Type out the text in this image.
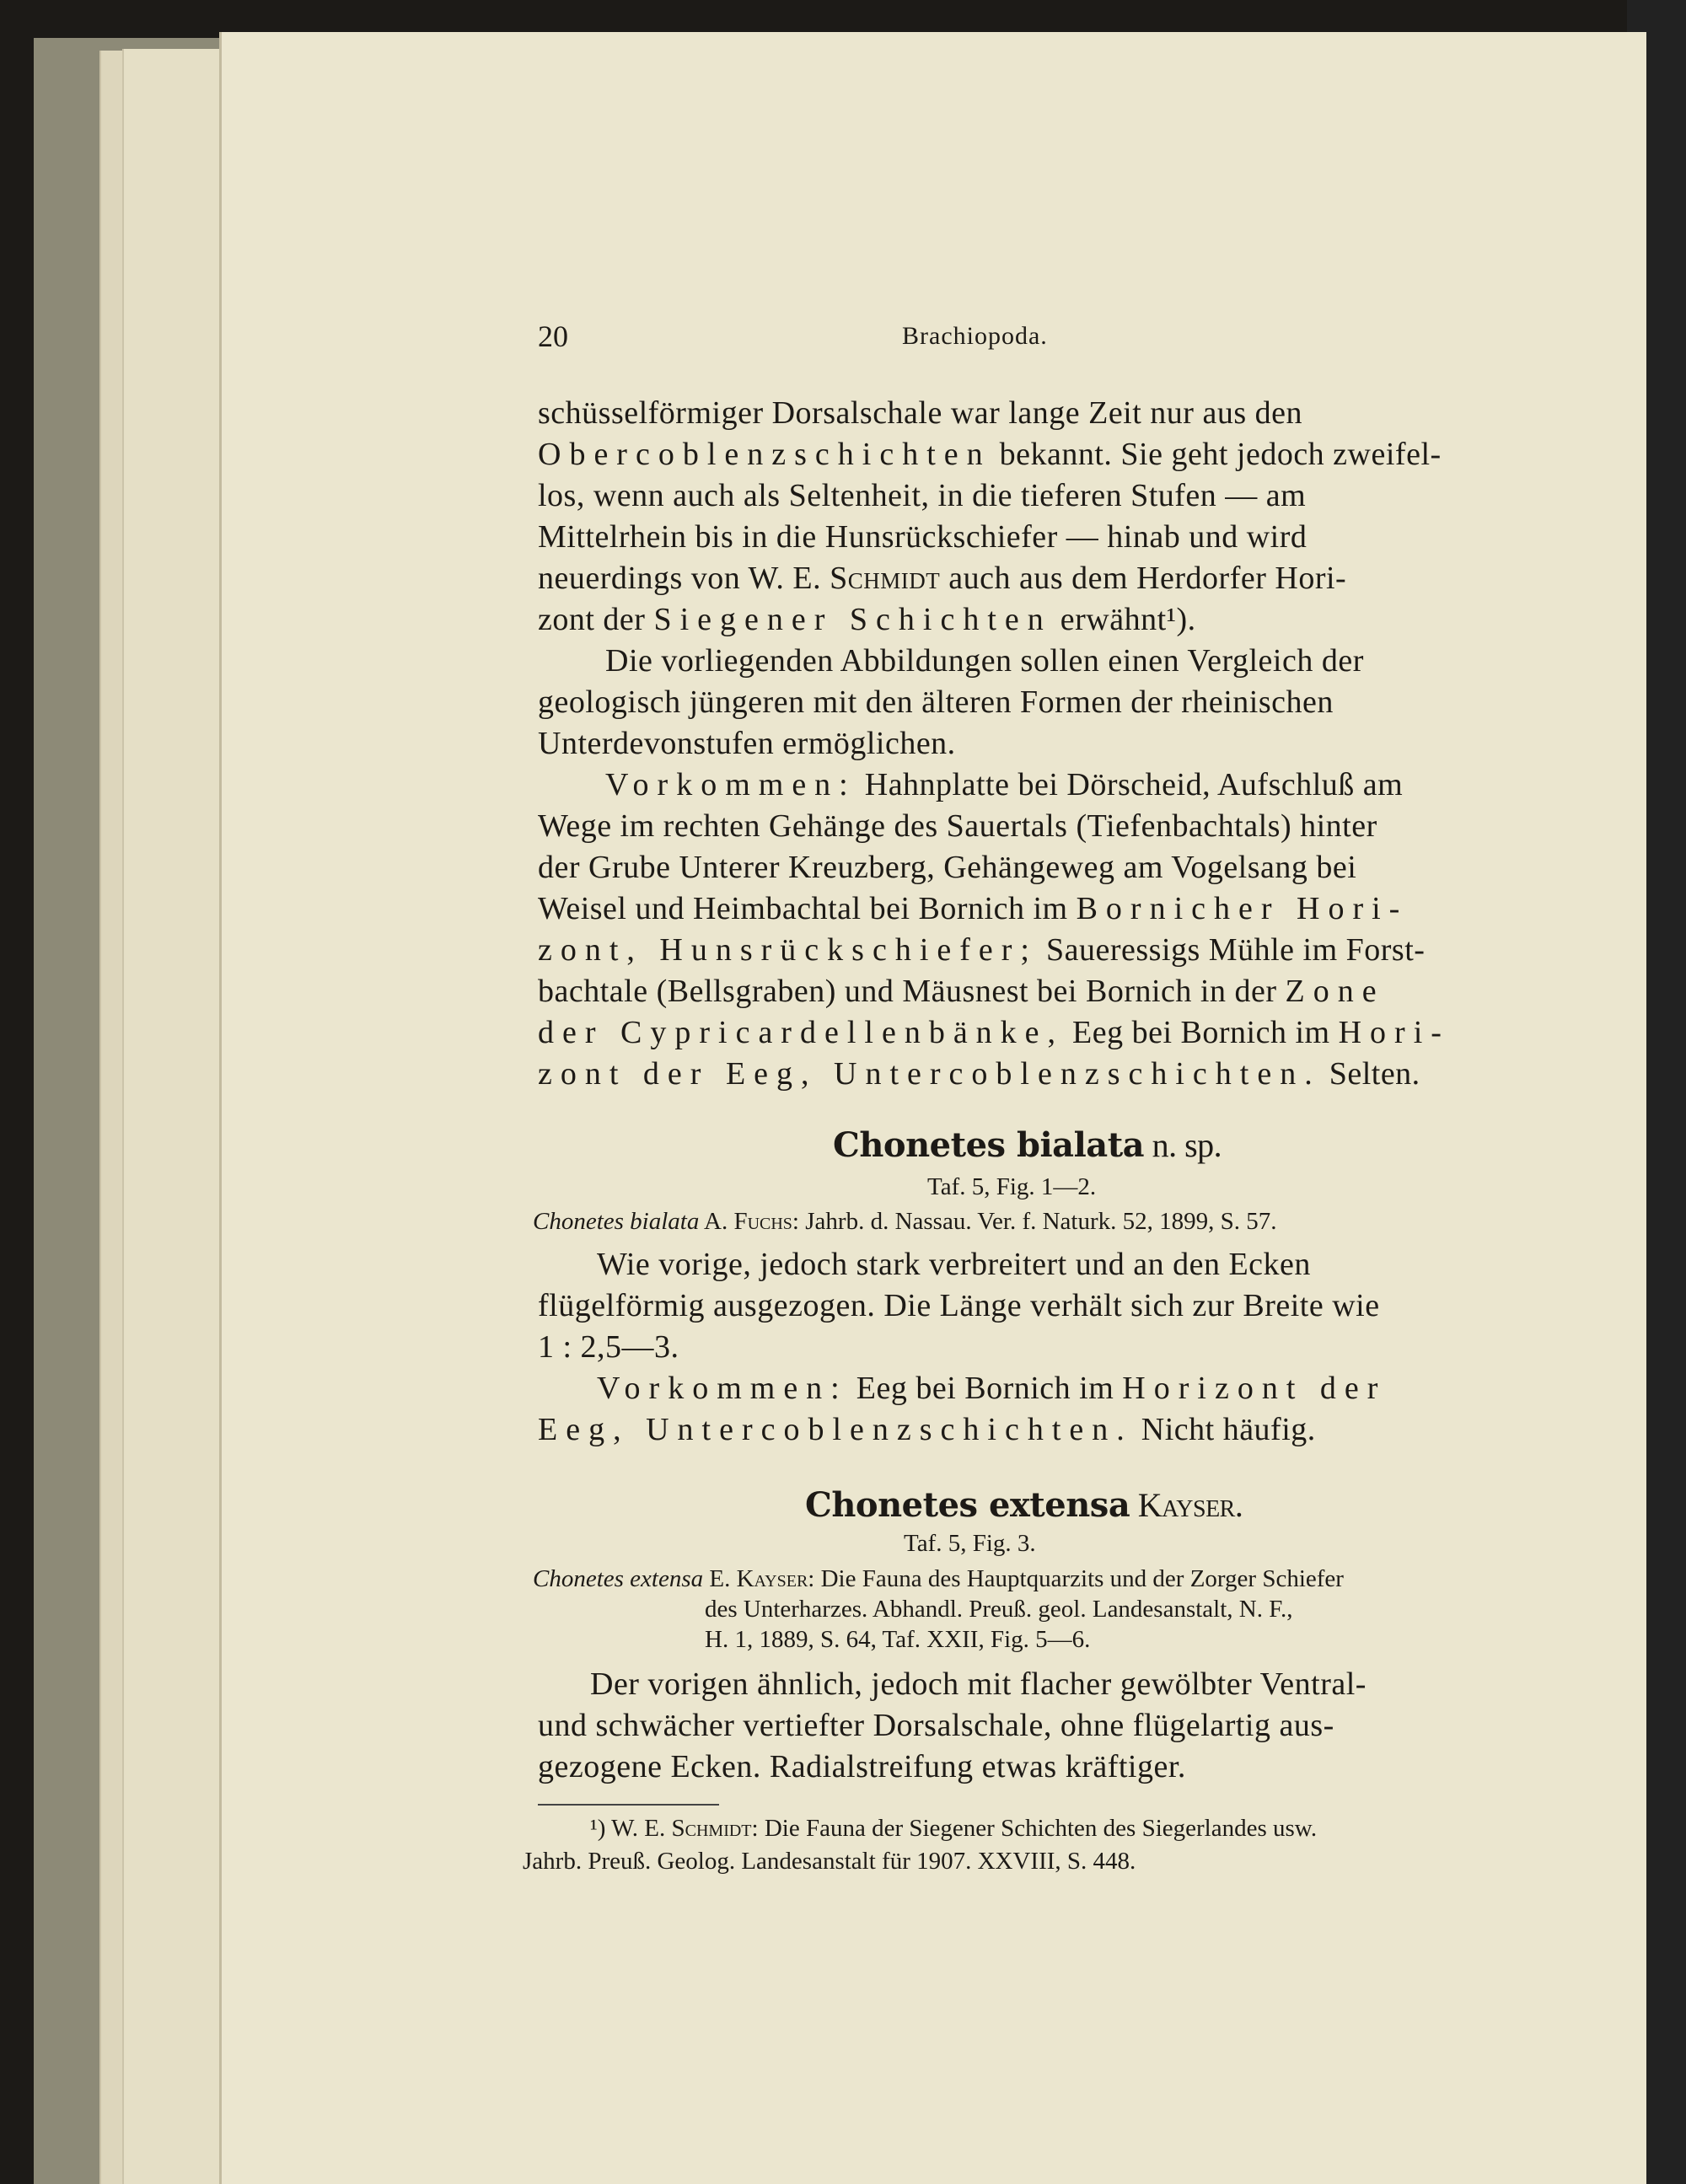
20	Brachiopoda.
schüsselförmiger Dorsalschale war lange Zeit nur aus den
Obercoblenzschichten bekannt. Sie geht jedoch zweifel-
los, wenn auch als Seltenheit, in die tieferen Stufen — am
Mittelrhein bis in die Hunsrückschiefer — hinab und wird
neuerdings von W. E. Schmidt auch aus dem Herdorfer Hori-
zont der Siegener Schichten erwähnt¹).
Die vorliegenden Abbildungen sollen einen Vergleich der
geologisch jüngeren mit den älteren Formen der rheinischen
Unterdevonstufen ermöglichen.
Vorkommen: Hahnplatte bei Dörscheid, Aufschluß am
Wege im rechten Gehänge des Sauertals (Tiefenbachtals) hinter
der Grube Unterer Kreuzberg, Gehängeweg am Vogelsang bei
Weisel und Heimbachtal bei Bornich im Bornicher Hori-
zont, Hunsrückschiefer; Saueressigs Mühle im Forst-
bachtale (Bellsgraben) und Mäusnest bei Bornich in der Zone
der Cypricardellenbänke, Eeg bei Bornich im Hori-
zont der Eeg, Untercoblenzschichten. Selten.
Chonetes bialata n. sp.
Taf. 5, Fig. 1—2.
Chonetes bialata A. Fuchs: Jahrb. d. Nassau. Ver. f. Naturk. 52, 1899, S. 57.
Wie vorige, jedoch stark verbreitert und an den Ecken
flügelförmig ausgezogen. Die Länge verhält sich zur Breite wie
1 : 2,5—3.
Vorkommen: Eeg bei Bornich im Horizont der
Eeg, Untercoblenzschichten. Nicht häufig.
Chonetes extensa Kayser.
Taf. 5, Fig. 3.
Chonetes extensa E. Kayser: Die Fauna des Hauptquarzits und der Zorger Schiefer
des Unterharzes. Abhandl. Preuß. geol. Landesanstalt, N. F.,
H. 1, 1889, S. 64, Taf. XXII, Fig. 5—6.
Der vorigen ähnlich, jedoch mit flacher gewölbter Ventral-
und schwächer vertiefter Dorsalschale, ohne flügelartig aus-
gezogene Ecken. Radialstreifung etwas kräftiger.
¹) W. E. Schmidt: Die Fauna der Siegener Schichten des Siegerlandes usw.
Jahrb. Preuß. Geolog. Landesanstalt für 1907. XXVIII, S. 448.
